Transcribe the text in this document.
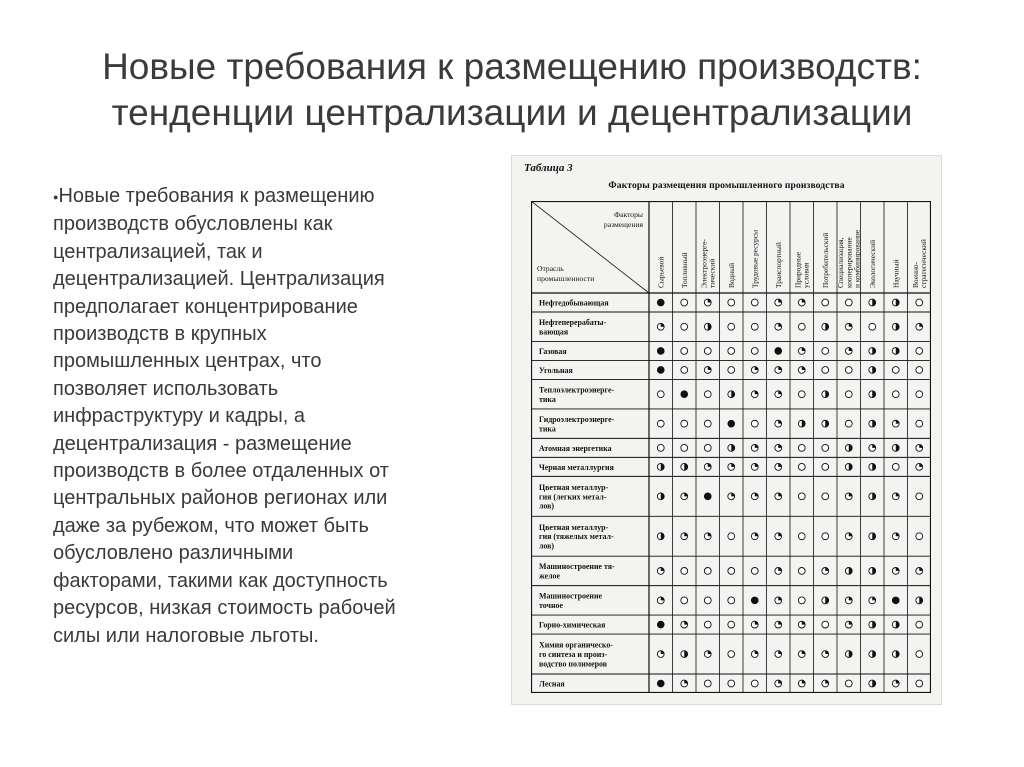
Новые требования к размещению производств:
тенденции централизации и децентрализации
●Новые требования к размещению
производств обусловлены как
централизацией, так и
децентрализацией. Централизация
предполагает концентрирование
производств в крупных
промышленных центрах, что
позволяет использовать
инфраструктуру и кадры, а
децентрализация - размещение
производств в более отдаленных от
центральных районов регионах или
даже за рубежом, что может быть
обусловлено различными
факторами, такими как доступность
ресурсов, низкая стоимость рабочей
силы или налоговые льготы.
Таблица 3
Факторы размещения промышленного производства
Факторы
размещения
Отрасль
промышленности	Сырьевой Топливный Электроэнерге- тический Водный Трудовые ресурсы Транспортный Природные условия Потребительский Специализация, кооперирование и комбинирование Экологический Научный Военно- стратегический
Нефтедобывающая
Нефтеперерабаты-
вающая
Газовая
Угольная
Теплоэлектроэнерге-
тика
Гидроэлектроэнерге-
тика
Атомная энергетика
Черная металлургия
Цветная металлур-
гия (легких метал-
лов)
Цветная металлур-
гия (тяжелых метал-
лов)
Машиностроение тя-
желое
Машиностроение
точное
Горно-химическая
Химия органическо-
го синтеза и произ-
водство полимеров
Лесная
